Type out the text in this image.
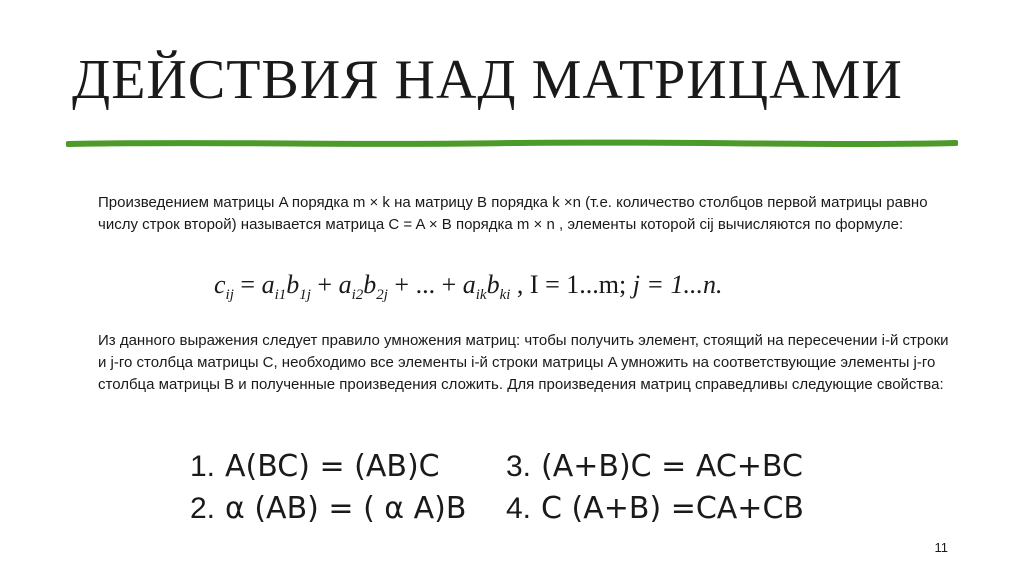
ДЕЙСТВИЯ НАД МАТРИЦАМИ

Произведением матрицы A порядка m × k на матрицу B порядка k ×n (т.е. количество столбцов первой матрицы равно числу строк второй) называется матрица C = A × B порядка m × n , элементы которой cij вычисляются по формуле:

$c_{ij} = a_{i1}b_{1j} + a_{i2}b_{2j}$ + ... + $a_{ik}b_{ki}$ , I = 1...m; j = 1...n.

Из данного выражения следует правило умножения матриц: чтобы получить элемент, стоящий на пересечении i-й строки и j-го столбца матрицы C, необходимо все элементы i-й строки матрицы A умножить на соответствующие элементы j-го столбца матрицы B и полученные произведения сложить. Для произведения матриц справедливы следующие свойства:

1. A(BC) = (AB)C
2. α (AB) = ( α A)B
3. (A+B)C = AC+BC
4. C (A+B) =CA+CB
11
